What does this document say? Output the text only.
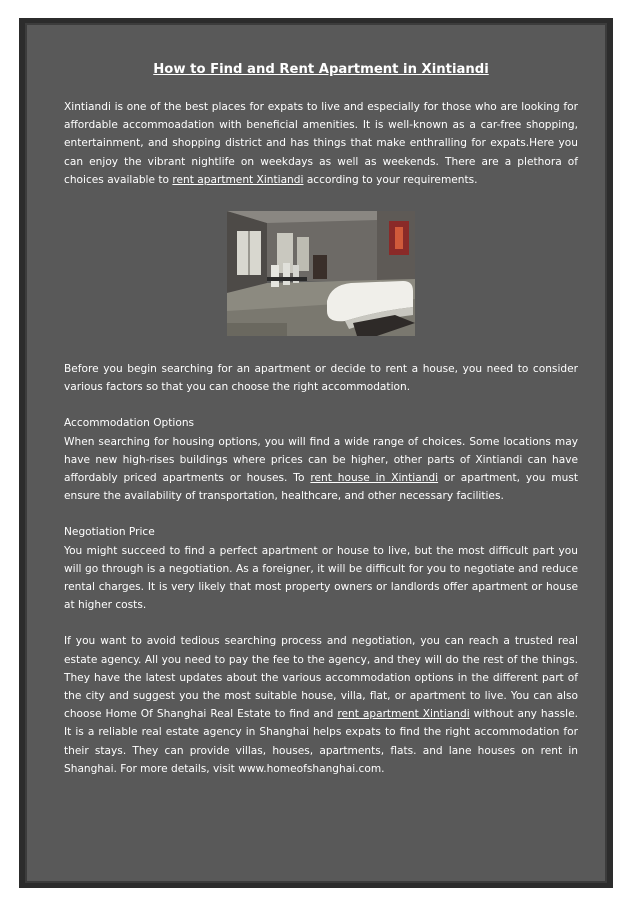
How to Find and Rent Apartment in Xintiandi

Xintiandi is one of the best places for expats to live and especially for those who are looking for affordable accommoadation with beneficial amenities. It is well-known as a car-free shopping, entertainment, and shopping district and has things that make enthralling for expats.Here you can enjoy the vibrant nightlife on weekdays as well as weekends. There are a plethora of choices available to rent apartment Xintiandi according to your requirements.

Before you begin searching for an apartment or decide to rent a house, you need to consider various factors so that you can choose the right accommodation.

Accommodation Options

When searching for housing options, you will find a wide range of choices. Some locations may have new high-rises buildings where prices can be higher, other parts of Xintiandi can have affordably priced apartments or houses. To rent house in Xintiandi or apartment, you must ensure the availability of transportation, healthcare, and other necessary facilities.

Negotiation Price

You might succeed to find a perfect apartment or house to live, but the most difficult part you will go through is a negotiation. As a foreigner, it will be difficult for you to negotiate and reduce rental charges. It is very likely that most property owners or landlords offer apartment or house at higher costs.

If you want to avoid tedious searching process and negotiation, you can reach a trusted real estate agency. All you need to pay the fee to the agency, and they will do the rest of the things. They have the latest updates about the various accommodation options in the different part of the city and suggest you the most suitable house, villa, flat, or apartment to live. You can also choose Home Of Shanghai Real Estate to find and rent apartment Xintiandi without any hassle. It is a reliable real estate agency in Shanghai helps expats to find the right accommodation for their stays. They can provide villas, houses, apartments, flats. and lane houses on rent in Shanghai. For more details, visit www.homeofshanghai.com.
